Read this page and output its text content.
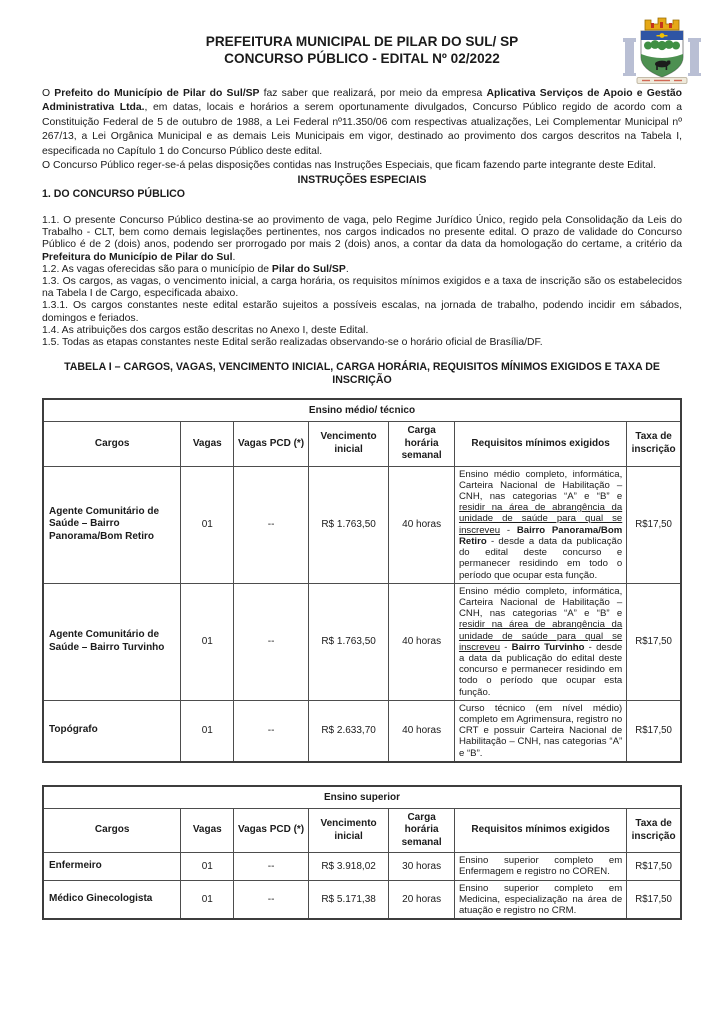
PREFEITURA MUNICIPAL DE PILAR DO SUL/ SP
CONCURSO PÚBLICO - EDITAL Nº 02/2022

O Prefeito do Município de Pilar do Sul/SP faz saber que realizará, por meio da empresa Aplicativa Serviços de Apoio e Gestão Administrativa Ltda., em datas, locais e horários a serem oportunamente divulgados, Concurso Público regido de acordo com a Constituição Federal de 5 de outubro de 1988, a Lei Federal nº11.350/06 com respectivas atualizações, Lei Complementar Municipal nº 267/13, a Lei Orgânica Municipal e as demais Leis Municipais em vigor, destinado ao provimento dos cargos descritos na Tabela I, especificada no Capítulo 1 do Concurso Público deste edital.

O Concurso Público reger-se-á pelas disposições contidas nas Instruções Especiais, que ficam fazendo parte integrante deste Edital.

INSTRUÇÕES ESPECIAIS
1. DO CONCURSO PÚBLICO

1.1. O presente Concurso Público destina-se ao provimento de vaga, pelo Regime Jurídico Único, regido pela Consolidação da Leis do Trabalho - CLT, bem como demais legislações pertinentes, nos cargos indicados no presente edital. O prazo de validade do Concurso Público é de 2 (dois) anos, podendo ser prorrogado por mais 2 (dois) anos, a contar da data da homologação do certame, a critério da Prefeitura do Município de Pilar do Sul.

1.2. As vagas oferecidas são para o município de Pilar do Sul/SP.

1.3. Os cargos, as vagas, o vencimento inicial, a carga horária, os requisitos mínimos exigidos e a taxa de inscrição são os estabelecidos na Tabela I de Cargo, especificada abaixo.

1.3.1. Os cargos constantes neste edital estarão sujeitos a possíveis escalas, na jornada de trabalho, podendo incidir em sábados, domingos e feriados.

1.4. As atribuições dos cargos estão descritas no Anexo I, deste Edital.

1.5. Todas as etapas constantes neste Edital serão realizadas observando-se o horário oficial de Brasília/DF.

TABELA I – CARGOS, VAGAS, VENCIMENTO INICIAL, CARGA HORÁRIA, REQUISITOS MÍNIMOS EXIGIDOS E TAXA DE INSCRIÇÃO
Ensino médio/ técnico						
Cargos	Vagas	Vagas PCD (*)	Vencimento inicial	Carga horária semanal	Requisitos mínimos exigidos	Taxa de inscrição
Agente Comunitário de Saúde – Bairro Panorama/Bom Retiro	01	--	R$ 1.763,50	40 horas	Ensino médio completo, informática, Carteira Nacional de Habilitação – CNH, nas categorias “A” e “B” e residir na área de abrangência da unidade de saúde para qual se inscreveu - Bairro Panorama/Bom Retiro - desde a data da publicação do edital deste concurso e permanecer residindo em todo o período que ocupar esta função.	R$17,50
Agente Comunitário de Saúde – Bairro Turvinho	01	--	R$ 1.763,50	40 horas	Ensino médio completo, informática, Carteira Nacional de Habilitação – CNH, nas categorias “A” e “B” e residir na área de abrangência da unidade de saúde para qual se inscreveu - Bairro Turvinho - desde a data da publicação do edital deste concurso e permanecer residindo em todo o período que ocupar esta função.	R$17,50
Topógrafo	01	--	R$ 2.633,70	40 horas	Curso técnico (em nível médio) completo em Agrimensura, registro no CRT e possuir Carteira Nacional de Habilitação – CNH, nas categorias “A” e “B”.	R$17,50
Ensino superior						
Cargos	Vagas	Vagas PCD (*)	Vencimento inicial	Carga horária semanal	Requisitos mínimos exigidos	Taxa de inscrição
Enfermeiro	01	--	R$ 3.918,02	30 horas	Ensino superior completo em Enfermagem e registro no COREN.	R$17,50
Médico Ginecologista	01	--	R$ 5.171,38	20 horas	Ensino superior completo em Medicina, especialização na área de atuação e registro no CRM.	R$17,50
